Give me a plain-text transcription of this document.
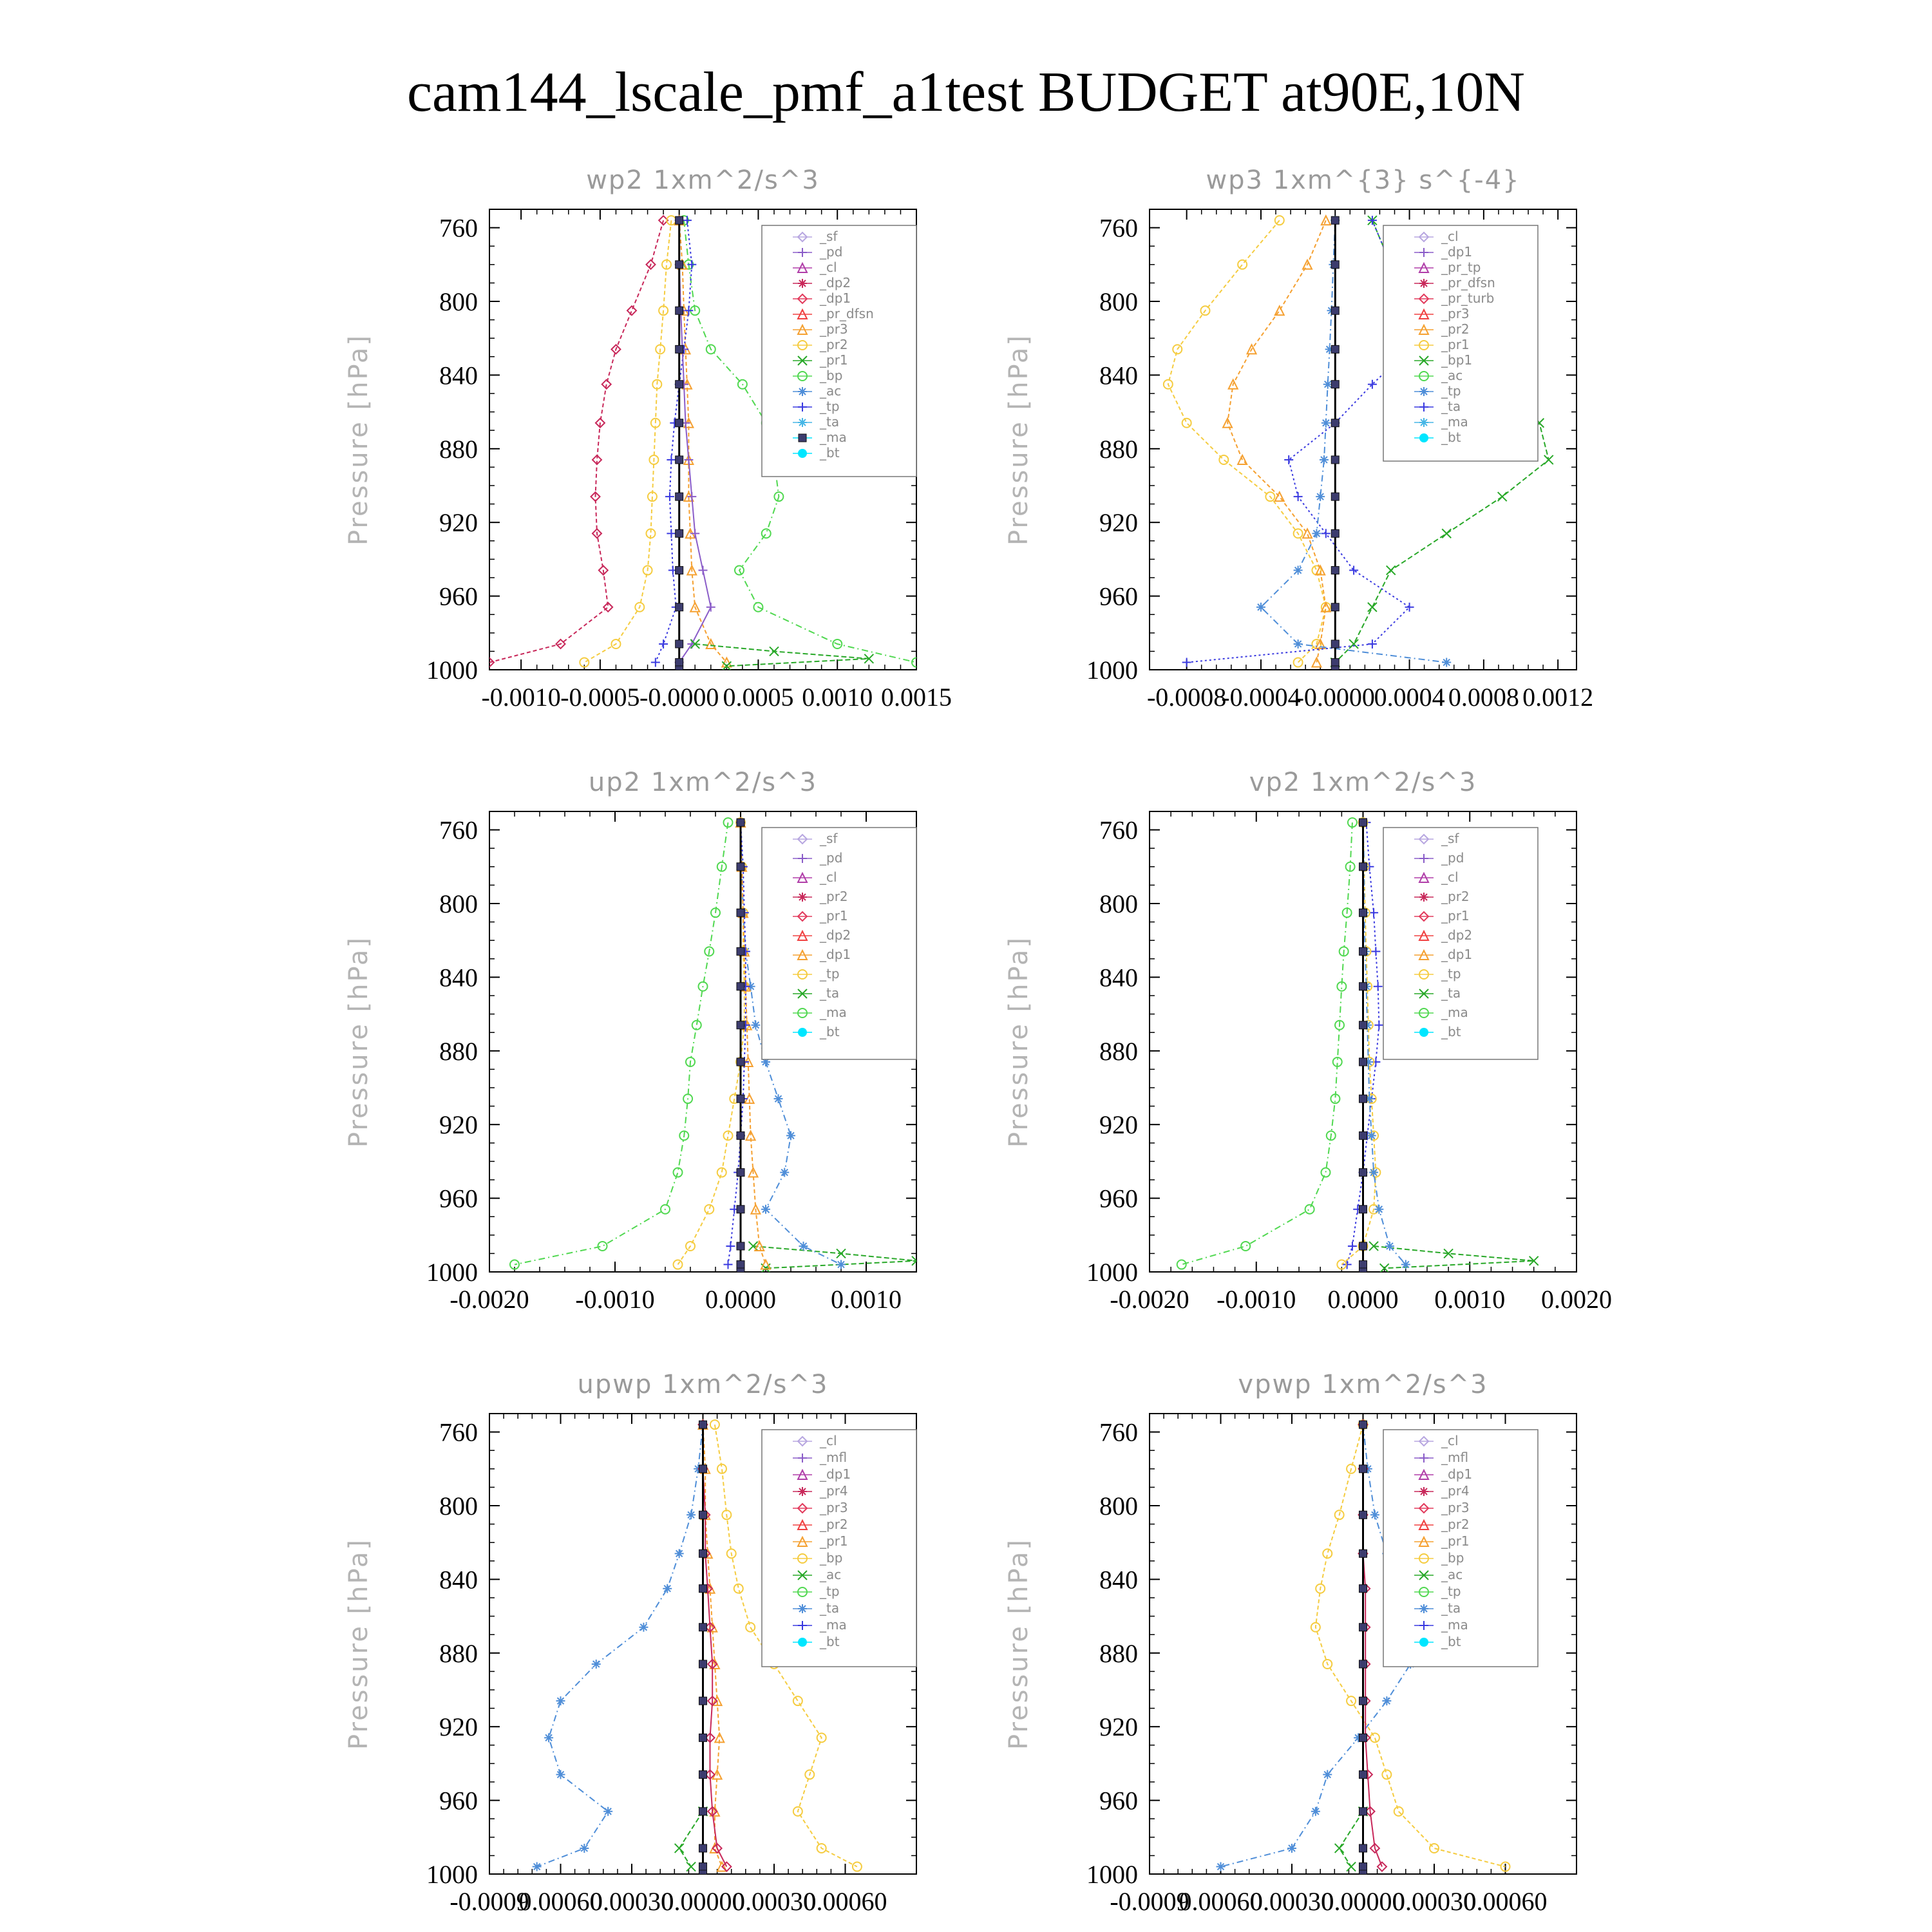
cam144_lscale_pmf_a1test BUDGET at90E,10N
wp2 1xm^2/s^3
Pressure [hPa]
760
800
840
880
920
960
1000
-0.0010 -0.0005 -0.0000 0.0005 0.0010 0.0015
_sf
_pd
_cl
_dp2
_dp1
_pr_dfsn
_pr3
_pr2
_pr1
_bp
_ac
_tp
_ta
_ma
_bt
wp3 1xm^{3} s^{-4}
Pressure [hPa]
760
800
840
880
920
960
1000
-0.0008
-0.0004
-0.0000
0.0004 0.0008 0.0012
_cl
_dp1
_pr_tp
_pr_dfsn
_pr_turb
_pr3
_pr2
_pr1
_bp1
_ac
_tp
_ta
_ma
_bt
up2 1xm^2/s^3
Pressure [hPa]
760
800
840
880
920
960
1000
-0.0020 -0.0010 0.0000 0.0010
_sf
_pd
_cl
_pr2
_pr1
_dp2
_dp1
_tp
_ta
_ma
_bt
vp2 1xm^2/s^3
Pressure [hPa]
760
800
840
880
920
960
1000
-0.0020 -0.0010 0.0000 0.0010 0.0020
_sf
_pd
_cl
_pr2
_pr1
_dp2
_dp1
_tp
_ta
_ma
_bt
upwp 1xm^2/s^3
Pressure [hPa]
760
800
840
880
920
960
1000
-0.0009
0.00060
0.00030
0.00000
0.00030
0.00060
_cl
_mfl
_dp1
_pr4
_pr3
_pr2
_pr1
_bp
_ac
_tp
_ta
_ma
_bt
vpwp 1xm^2/s^3
Pressure [hPa]
760
800
840
880
920
960
1000
-0.0009
0.00060
0.00030
0.00000
0.00030
0.00060
_cl
_mfl
_dp1
_pr4
_pr3
_pr2
_pr1
_bp
_ac
_tp
_ta
_ma
_bt
